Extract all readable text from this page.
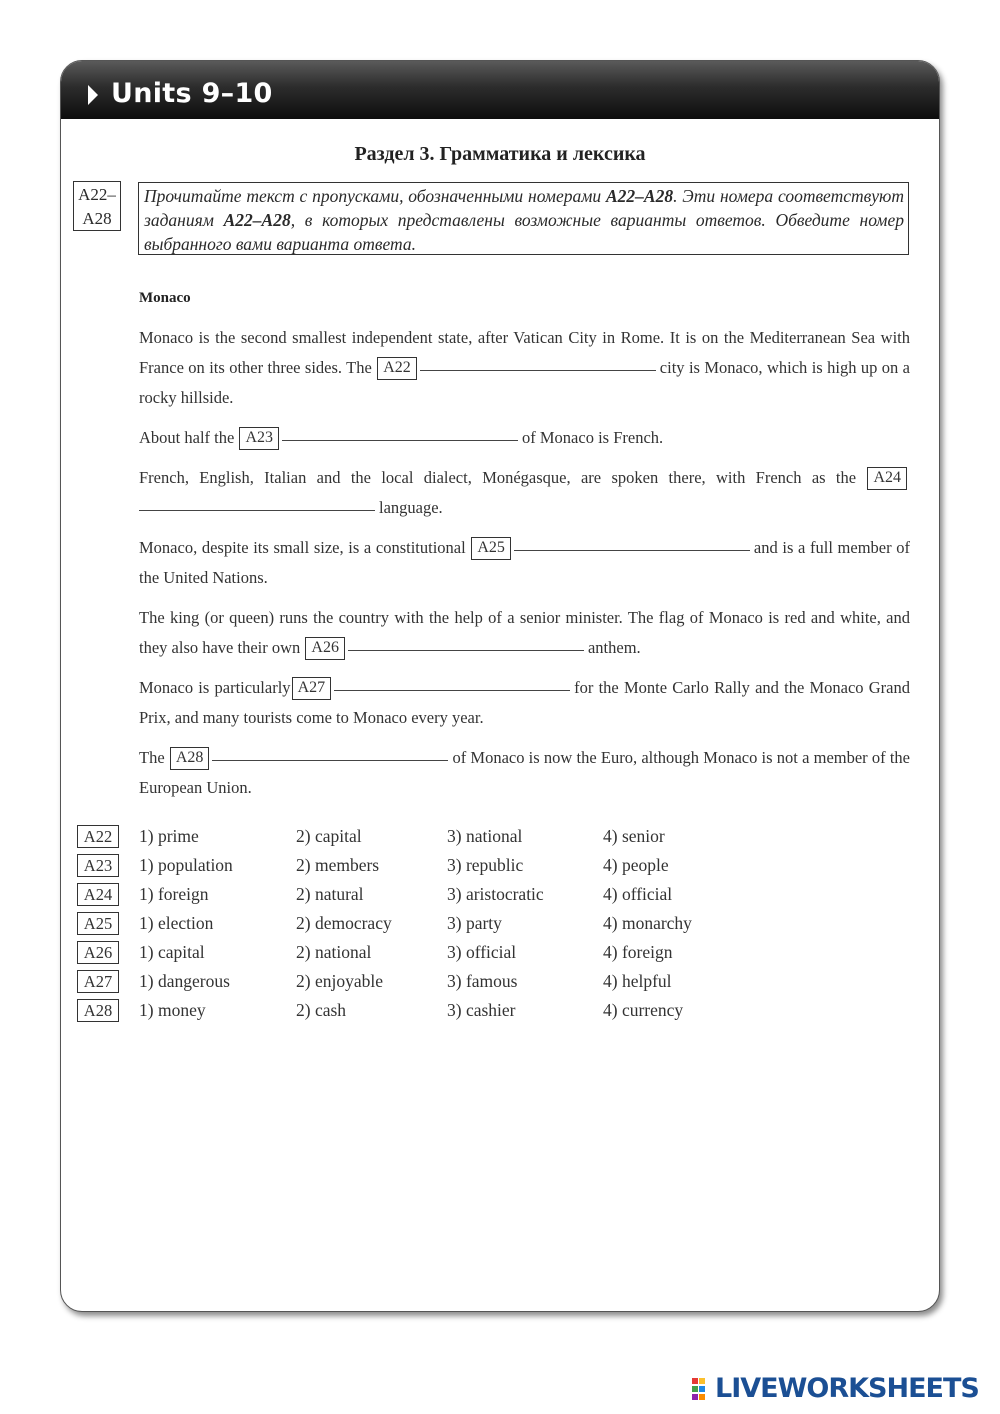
Units 9–10
Раздел 3. Грамматика и лексика
A22–
A28
Прочитайте текст с пропусками, обозначенными номерами A22–A28. Эти номера соответствуют заданиям A22–A28, в которых представлены возможные варианты ответов. Обведите номер выбранного вами варианта ответа.
Monaco
Monaco is the second smallest independent state, after Vatican City in Rome. It is on the Mediterranean Sea with France on its other three sides. The A22	city is Monaco, which is high up on a rocky hillside.
About half the A23	of Monaco is French.
French, English, Italian and the local dialect, Monégasque, are spoken there, with French as the A24language.
Monaco, despite its small size, is a constitutional A25	and is a full member of the United Nations.
The king (or queen) runs the country with the help of a senior minister. The flag of Monaco is red and white, and they also have their own A26	anthem.
Monaco is particularly A27	for the Monte Carlo Rally and the Monaco Grand Prix, and many tourists come to Monaco every year.
The A28	of Monaco is now the Euro, although Monaco is not a member of the European Union.
A22	1) prime	2) capital	3) national	4) senior
A23	1) population	2) members	3) republic	4) people
A24	1) foreign	2) natural	3) aristocratic	4) official
A25	1) election	2) democracy	3) party	4) monarchy
A26	1) capital	2) national	3) official	4) foreign
A27	1) dangerous	2) enjoyable	3) famous	4) helpful
A28	1) money	2) cash	3) cashier	4) currency
LIVEWORKSHEETS
